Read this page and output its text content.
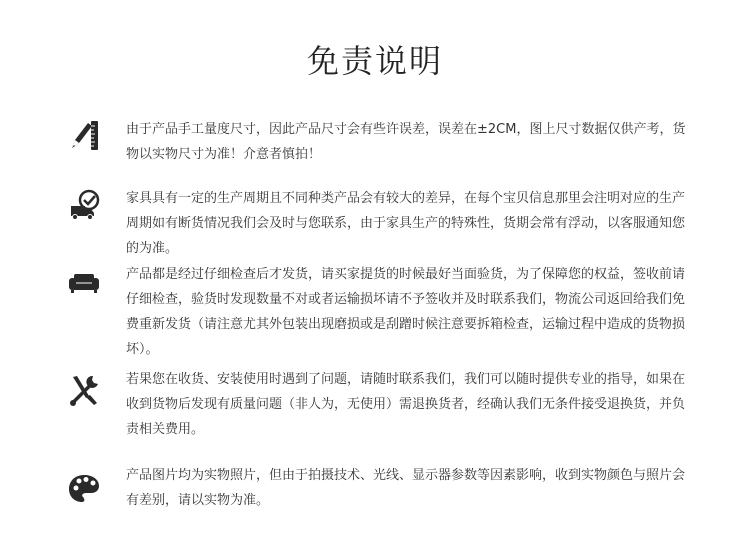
免责说明
由于产品手工量度尺寸，因此产品尺寸会有些许误差，误差在±2CM，图上尺寸数据仅供产考，货物以实物尺寸为准！介意者慎拍！
家具具有一定的生产周期且不同种类产品会有较大的差异，在每个宝贝信息那里会注明对应的生产周期如有断货情况我们会及时与您联系，由于家具生产的特殊性，货期会常有浮动，以客服通知您的为准。
产品都是经过仔细检查后才发货，请买家提货的时候最好当面验货，为了保障您的权益，签收前请仔细检查，验货时发现数量不对或者运输损坏请不予签收并及时联系我们，物流公司返回给我们免费重新发货（请注意尤其外包装出现磨损或是刮蹭时候注意要拆箱检查，运输过程中造成的货物损坏）。
若果您在收货、安装使用时遇到了问题，请随时联系我们，我们可以随时提供专业的指导，如果在收到货物后发现有质量问题（非人为，无使用）需退换货者，经确认我们无条件接受退换货，并负责相关费用。
产品图片均为实物照片，但由于拍摄技术、光线、显示器参数等因素影响，收到实物颜色与照片会有差别，请以实物为准。
